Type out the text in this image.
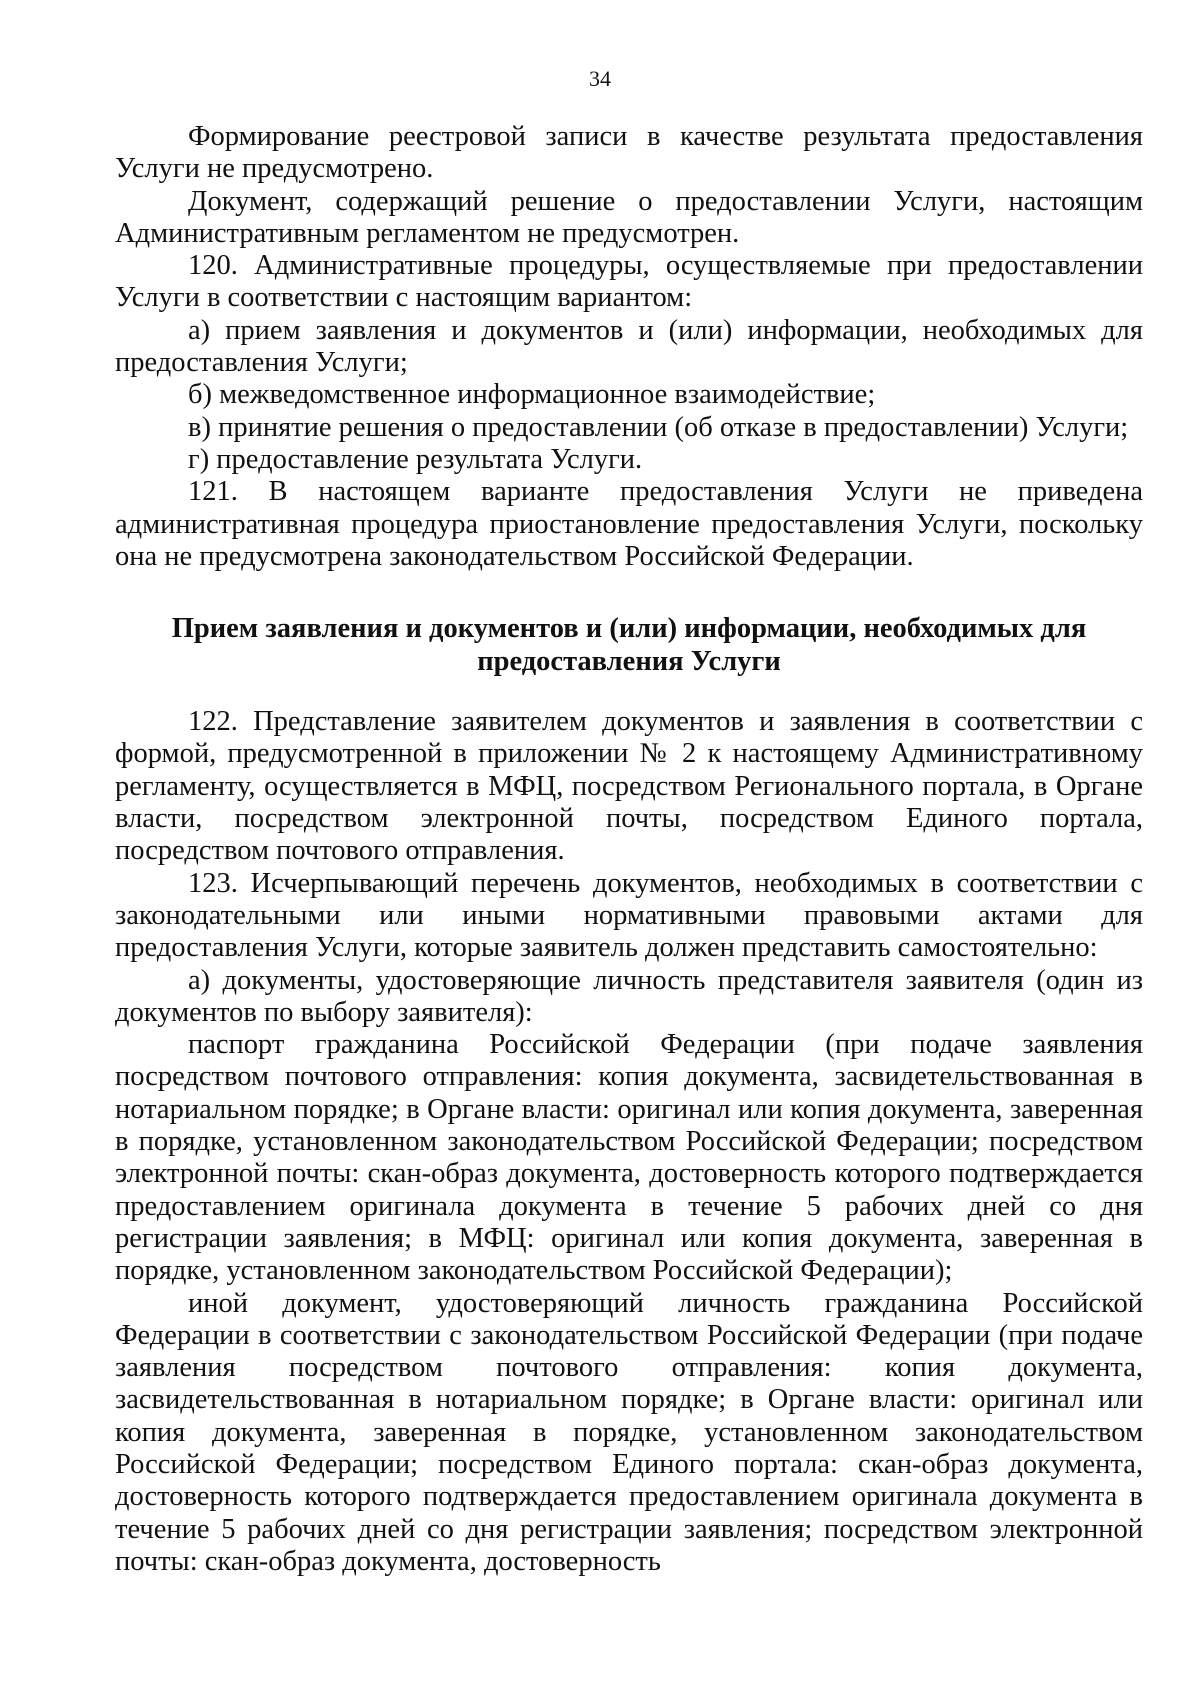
34

Формирование реестровой записи в качестве результата предоставления Услуги не предусмотрено.

Документ, содержащий решение о предоставлении Услуги, настоящим Административным регламентом не предусмотрен.

120. Административные процедуры, осуществляемые при предоставлении Услуги в соответствии с настоящим вариантом:

а) прием заявления и документов и (или) информации, необходимых для предоставления Услуги;

б) межведомственное информационное взаимодействие;

в) принятие решения о предоставлении (об отказе в предоставлении) Услуги;

г) предоставление результата Услуги.

121. В настоящем варианте предоставления Услуги не приведена административная процедура приостановление предоставления Услуги, поскольку она не предусмотрена законодательством Российской Федерации.

Прием заявления и документов и (или) информации, необходимых для
предоставления Услуги

122. Представление заявителем документов и заявления в соответствии с формой, предусмотренной в приложении № 2 к настоящему Административному регламенту, осуществляется в МФЦ, посредством Регионального портала, в Органе власти, посредством электронной почты, посредством Единого портала, посредством почтового отправления.

123. Исчерпывающий перечень документов, необходимых в соответствии с законодательными или иными нормативными правовыми актами для предоставления Услуги, которые заявитель должен представить самостоятельно:

а) документы, удостоверяющие личность представителя заявителя (один из документов по выбору заявителя):

паспорт гражданина Российской Федерации (при подаче заявления посредством почтового отправления: копия документа, засвидетельствованная в нотариальном порядке; в Органе власти: оригинал или копия документа, заверенная в порядке, установленном законодательством Российской Федерации; посредством электронной почты: скан-образ документа, достоверность которого подтверждается предоставлением оригинала документа в течение 5 рабочих дней со дня регистрации заявления; в МФЦ: оригинал или копия документа, заверенная в порядке, установленном законодательством Российской Федерации);

иной документ, удостоверяющий личность гражданина Российской Федерации в соответствии с законодательством Российской Федерации (при подаче заявления посредством почтового отправления: копия документа, засвидетельствованная в нотариальном порядке; в Органе власти: оригинал или копия документа, заверенная в порядке, установленном законодательством Российской Федерации; посредством Единого портала: скан-образ документа, достоверность которого подтверждается предоставлением оригинала документа в течение 5 рабочих дней со дня регистрации заявления; посредством электронной почты: скан-образ документа, достоверность
